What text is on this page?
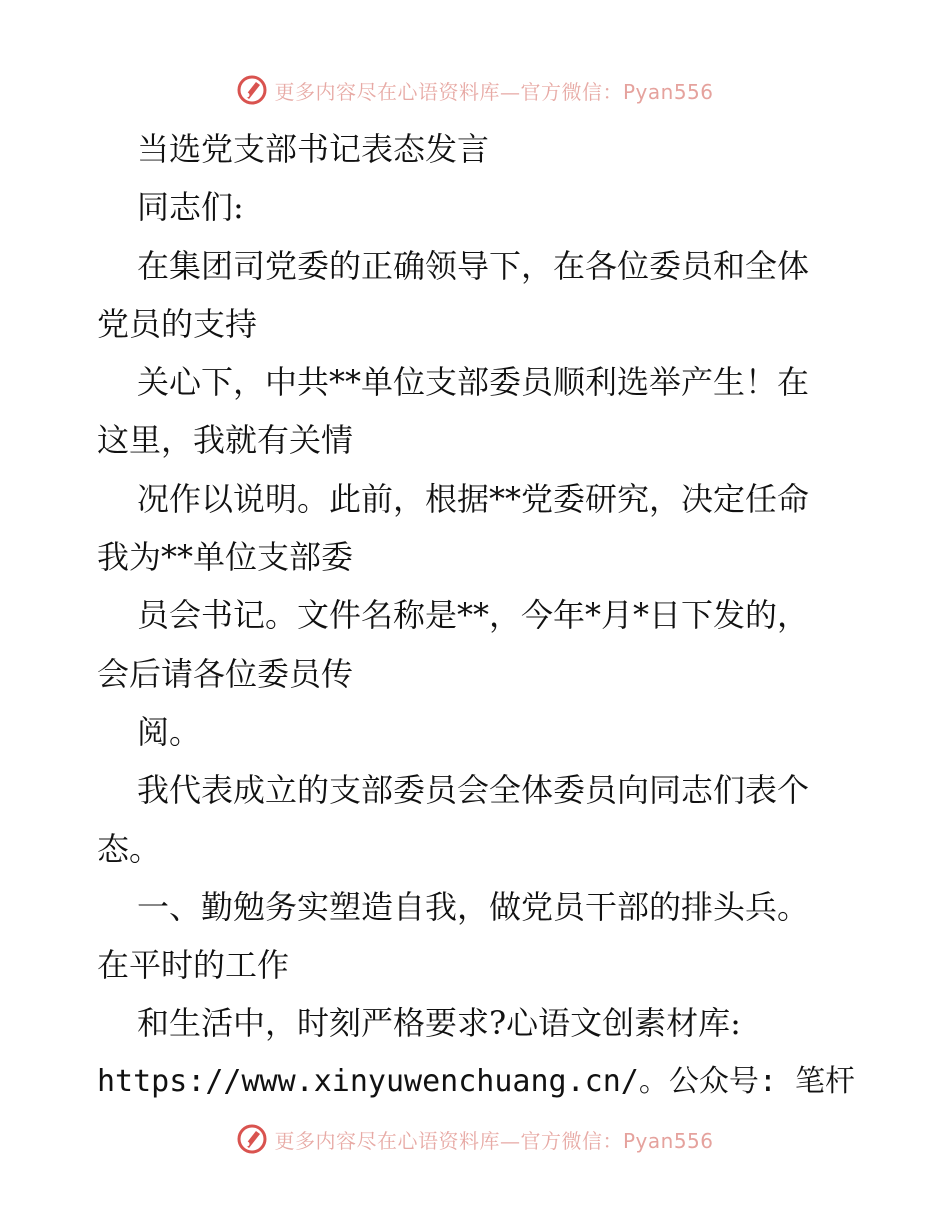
更多内容尽在心语资料库—官方微信：Pyan556
当选党支部书记表态发言
同志们:
在集团司党委的正确领导下，在各位委员和全体
党员的支持
关心下，中共**单位支部委员顺利选举产生！在
这里，我就有关情
况作以说明。此前，根据**党委研究，决定任命
我为**单位支部委
员会书记。文件名称是**，今年*月*日下发的，
会后请各位委员传
阅。
我代表成立的支部委员会全体委员向同志们表个
态。
一、勤勉务实塑造自我，做党员干部的排头兵。
在平时的工作
和生活中，时刻严格要求?心语文创素材库:
https://www.xinyuwenchuang.cn/。公众号: 笔杆
更多内容尽在心语资料库—官方微信：Pyan556
